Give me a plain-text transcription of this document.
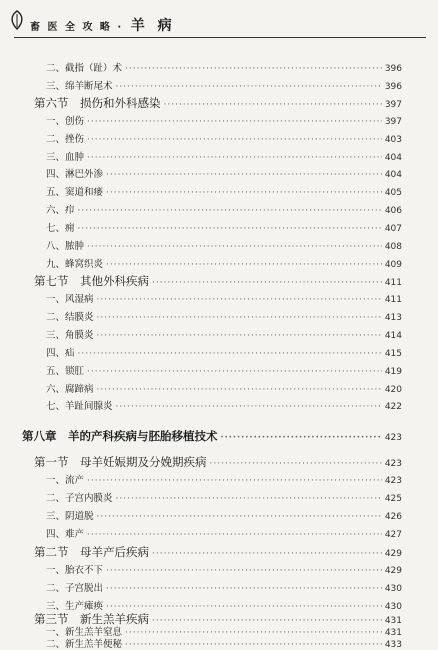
畜 医 全 攻 略 · 羊 病
二、截指（趾）术 ·····	396
三、绵羊断尾术 ·····	396
第六节　损伤和外科感染 ·····	397
一、创伤 ·····	397
二、挫伤 ·····	403
三、血肿 ·····	404
四、淋巴外渗 ·····	404
五、窦道和瘘 ·····	405
六、疖 ·····	406
七、痈 ·····	407
八、脓肿 ·····	408
九、蜂窝织炎 ·····	409
第七节　其他外科疾病 ·····	411
一、风湿病 ·····	411
二、结膜炎 ·····	413
三、角膜炎 ·····	414
四、疝 ·····	415
五、锁肛 ·····	419
六、腐蹄病 ·····	420
七、羊趾间腺炎 ·····	422
第八章　羊的产科疾病与胚胎移植技术 ·····	423
第一节　母羊妊娠期及分娩期疾病 ·····	423
一、流产 ·····	423
二、子宫内膜炎 ·····	425
三、阴道脱 ·····	426
四、难产 ·····	427
第二节　母羊产后疾病 ·····	429
一、胎衣不下 ·····	429
二、子宫脱出 ·····	430
三、生产瘫痪 ·····	430
第三节　新生羔羊疾病 ·····	431
一、新生羔羊窒息 ·····	431
二、新生羔羊便秘 ·····	433
